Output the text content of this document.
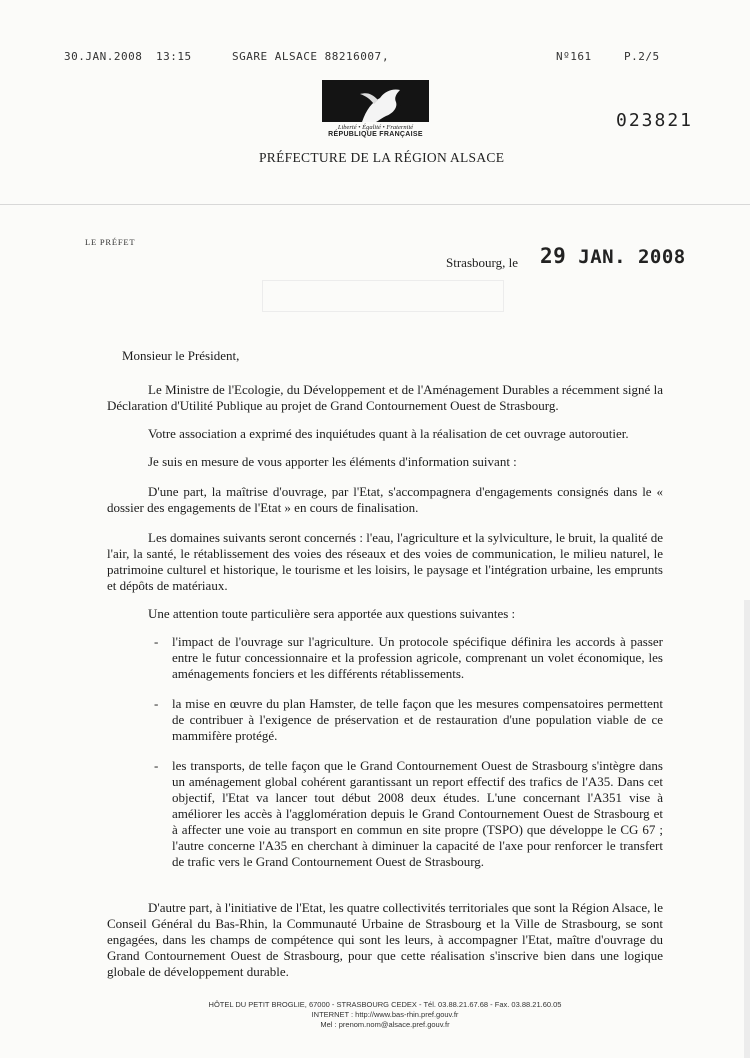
30.JAN.2008 13:15	SGARE ALSACE 88216007 ,	Nº161	P.2/5
Liberté • Égalité • Fraternité
RÉPUBLIQUE FRANÇAISE
023821
PRÉFECTURE DE LA RÉGION ALSACE
LE PRÉFET
Strasbourg, le 29 JAN. 2008

Monsieur le Président,

Le Ministre de l'Ecologie, du Développement et de l'Aménagement Durables a récemment signé la Déclaration d'Utilité Publique au projet de Grand Contournement Ouest de Strasbourg.

Votre association a exprimé des inquiétudes quant à la réalisation de cet ouvrage autoroutier.

Je suis en mesure de vous apporter les éléments d'information suivant :

D'une part, la maîtrise d'ouvrage, par l'Etat, s'accompagnera d'engagements consignés dans le « dossier des engagements de l'Etat » en cours de finalisation.

Les domaines suivants seront concernés : l'eau, l'agriculture et la sylviculture, le bruit, la qualité de l'air, la santé, le rétablissement des voies des réseaux et des voies de communication, le milieu naturel, le patrimoine culturel et historique, le tourisme et les loisirs, le paysage et l'intégration urbaine, les emprunts et dépôts de matériaux.

Une attention toute particulière sera apportée aux questions suivantes :

- l'impact de l'ouvrage sur l'agriculture. Un protocole spécifique définira les accords à passer entre le futur concessionnaire et la profession agricole, comprenant un volet économique, les aménagements fonciers et les différents rétablissements.
- la mise en œuvre du plan Hamster, de telle façon que les mesures compensatoires permettent de contribuer à l'exigence de préservation et de restauration d'une population viable de ce mammifère protégé.
- les transports, de telle façon que le Grand Contournement Ouest de Strasbourg s'intègre dans un aménagement global cohérent garantissant un report effectif des trafics de l'A35. Dans cet objectif, l'Etat va lancer tout début 2008 deux études. L'une concernant l'A351 vise à améliorer les accès à l'agglomération depuis le Grand Contournement Ouest de Strasbourg et à affecter une voie au transport en commun en site propre (TSPO) que développe le CG 67 ; l'autre concerne l'A35 en cherchant à diminuer la capacité de l'axe pour renforcer le transfert de trafic vers le Grand Contournement Ouest de Strasbourg.

D'autre part, à l'initiative de l'Etat, les quatre collectivités territoriales que sont la Région Alsace, le Conseil Général du Bas-Rhin, la Communauté Urbaine de Strasbourg et la Ville de Strasbourg, se sont engagées, dans les champs de compétence qui sont les leurs, à accompagner l'Etat, maître d'ouvrage du Grand Contournement Ouest de Strasbourg, pour que cette réalisation s'inscrive bien dans une logique globale de développement durable.

HÔTEL DU PETIT BROGLIE, 67000 - STRASBOURG CEDEX - Tél. 03.88.21.67.68 - Fax. 03.88.21.60.05
INTERNET : http://www.bas-rhin.pref.gouv.fr
Mel : prenom.nom@alsace.pref.gouv.fr
